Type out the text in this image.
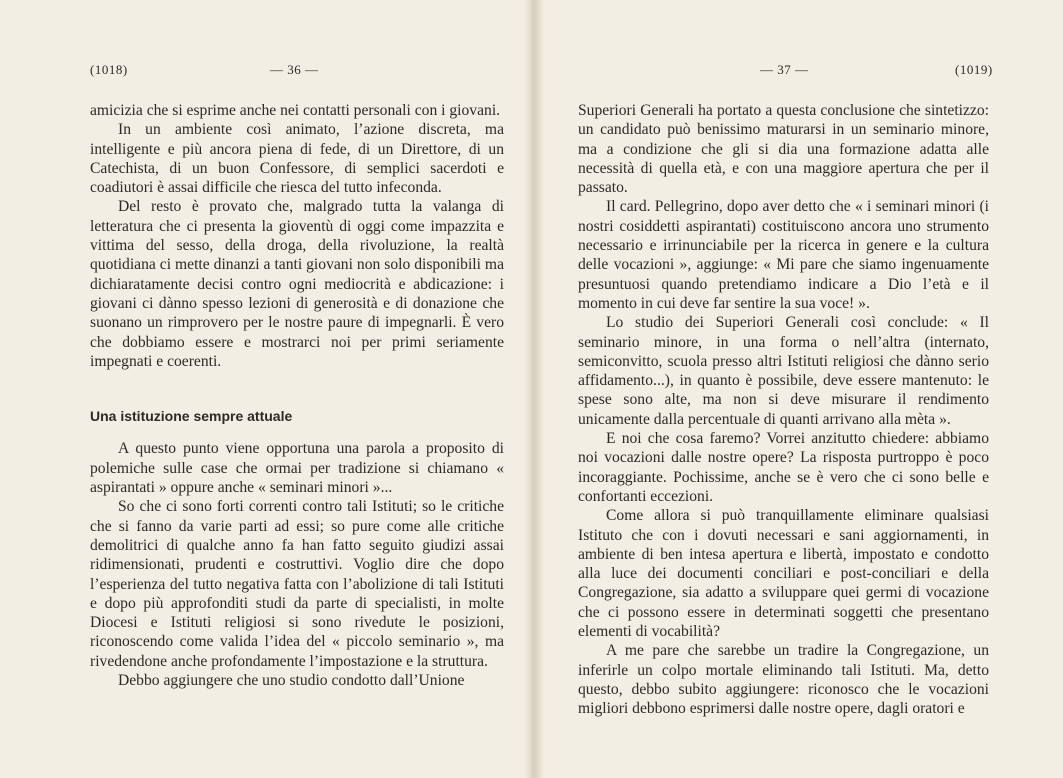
(1018)	— 36 —

amicizia che si esprime anche nei contatti personali con i giovani.

In un ambiente così animato, l’azione discreta, ma intelligente e più ancora piena di fede, di un Direttore, di un Catechista, di un buon Confessore, di semplici sacerdoti e coadiutori è assai difficile che riesca del tutto infeconda.

Del resto è provato che, malgrado tutta la valanga di letteratura che ci presenta la gioventù di oggi come impazzita e vittima del sesso, della droga, della rivoluzione, la realtà quotidiana ci mette dinanzi a tanti giovani non solo disponibili ma dichiaratamente decisi contro ogni mediocrità e abdicazione: i giovani ci dànno spesso lezioni di generosità e di donazione che suonano un rimprovero per le nostre paure di impegnarli. È vero che dobbiamo essere e mostrarci noi per primi seriamente impegnati e coerenti.

Una istituzione sempre attuale

A questo punto viene opportuna una parola a proposito di polemiche sulle case che ormai per tradizione si chiamano « aspirantati » oppure anche « seminari minori »...

So che ci sono forti correnti contro tali Istituti; so le critiche che si fanno da varie parti ad essi; so pure come alle critiche demolitrici di qualche anno fa han fatto seguito giudizi assai ridimensionati, prudenti e costruttivi. Voglio dire che dopo l’esperienza del tutto negativa fatta con l’abolizione di tali Istituti e dopo più approfonditi studi da parte di specialisti, in molte Diocesi e Istituti religiosi si sono rivedute le posizioni, riconoscendo come valida l’idea del « piccolo seminario », ma rivedendone anche profondamente l’impostazione e la struttura.

Debbo aggiungere che uno studio condotto dall’Unione

— 37 —	(1019)

Superiori Generali ha portato a questa conclusione che sintetizzo: un candidato può benissimo maturarsi in un seminario minore, ma a condizione che gli si dia una formazione adatta alle necessità di quella età, e con una maggiore apertura che per il passato.

Il card. Pellegrino, dopo aver detto che « i seminari minori (i nostri cosiddetti aspirantati) costituiscono ancora uno strumento necessario e irrinunciabile per la ricerca in genere e la cultura delle vocazioni », aggiunge: « Mi pare che siamo ingenuamente presuntuosi quando pretendiamo indicare a Dio l’età e il momento in cui deve far sentire la sua voce! ».

Lo studio dei Superiori Generali così conclude: « Il seminario minore, in una forma o nell’altra (internato, semiconvitto, scuola presso altri Istituti religiosi che dànno serio affidamento...), in quanto è possibile, deve essere mantenuto: le spese sono alte, ma non si deve misurare il rendimento unicamente dalla percentuale di quanti arrivano alla mèta ».

E noi che cosa faremo? Vorrei anzitutto chiedere: abbiamo noi vocazioni dalle nostre opere? La risposta purtroppo è poco incoraggiante. Pochissime, anche se è vero che ci sono belle e confortanti eccezioni.

Come allora si può tranquillamente eliminare qualsiasi Istituto che con i dovuti necessari e sani aggiornamenti, in ambiente di ben intesa apertura e libertà, impostato e condotto alla luce dei documenti conciliari e post-conciliari e della Congregazione, sia adatto a sviluppare quei germi di vocazione che ci possono essere in determinati soggetti che presentano elementi di vocabilità?

A me pare che sarebbe un tradire la Congregazione, un inferirle un colpo mortale eliminando tali Istituti. Ma, detto questo, debbo subito aggiungere: riconosco che le vocazioni migliori debbono esprimersi dalle nostre opere, dagli oratori e
